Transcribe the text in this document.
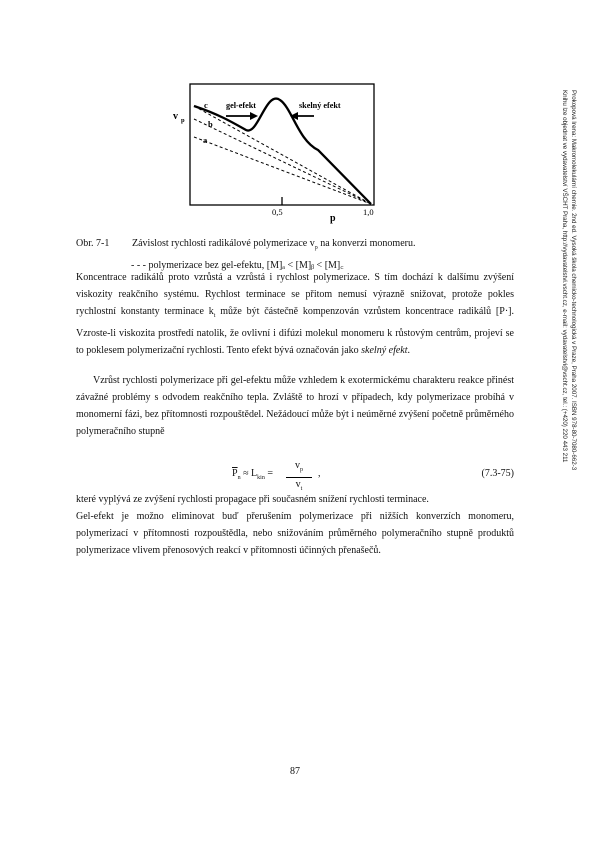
v p
c
b
a
gel-efekt	skelný efekt
0,5	1,0
p
Obr. 7-1 Závislost rychlosti radikálové polymerizace $v_p$ na konverzi monomeru.
- - - polymerizace bez gel-efektu, [M]ₐ < [M]ᵦ < [M]꜀

Koncentrace radikálů proto vzrůstá a vzrůstá i rychlost polymerizace. S tím dochází k dalšímu zvýšení viskozity reakčního systému. Rychlost terminace se přitom nemusí výrazně snižovat, protože pokles rychlostní konstanty terminace $k_t$ může být částečně kompenzován vzrůstem koncentrace radikálů [P·]. Vzroste-li viskozita prostředí natolik, že ovlivní i difúzi molekul monomeru k růstovým centrům, projeví se to poklesem polymerizační rychlosti. Tento efekt bývá označován jako skelný efekt.

Vzrůst rychlosti polymerizace při gel-efektu může vzhledem k exotermickému charakteru reakce přinést závažné problémy s odvodem reakčního tepla. Zvláště to hrozí v případech, kdy polymerizace probíhá v monomerní fázi, bez přítomnosti rozpouštědel. Nežádoucí může být i neúměrné zvýšení početně průměrného polymeračního stupně

$\overline{P}_n \approx L_{kin} = \frac{v_p}{v_t}$ ,	(7.3-75)

které vyplývá ze zvýšení rychlosti propagace při současném snížení rychlosti terminace.

Gel-efekt je možno eliminovat buď přerušením polymerizace při nižších konverzích monomeru, polymerizací v přítomnosti rozpouštědla, nebo snižováním průměrného polymeračního stupně produktů polymerizace vlivem přenosových reakcí v přítomnosti účinných přenašečů.

Prokopová Irena: Makromolekulární chemie. 2nd ed. Vysoká škola chemicko-technologická v Praze, Praha 2007. ISBN 978-80-7080-662-3
Knihu lze objednat ve vydavatelství VŠCHT Praha, http://vydavatelstvi.vscht.cz, e-mail: vydavatelstvi@vscht.cz, tel.: (+420) 220 443 211
87
